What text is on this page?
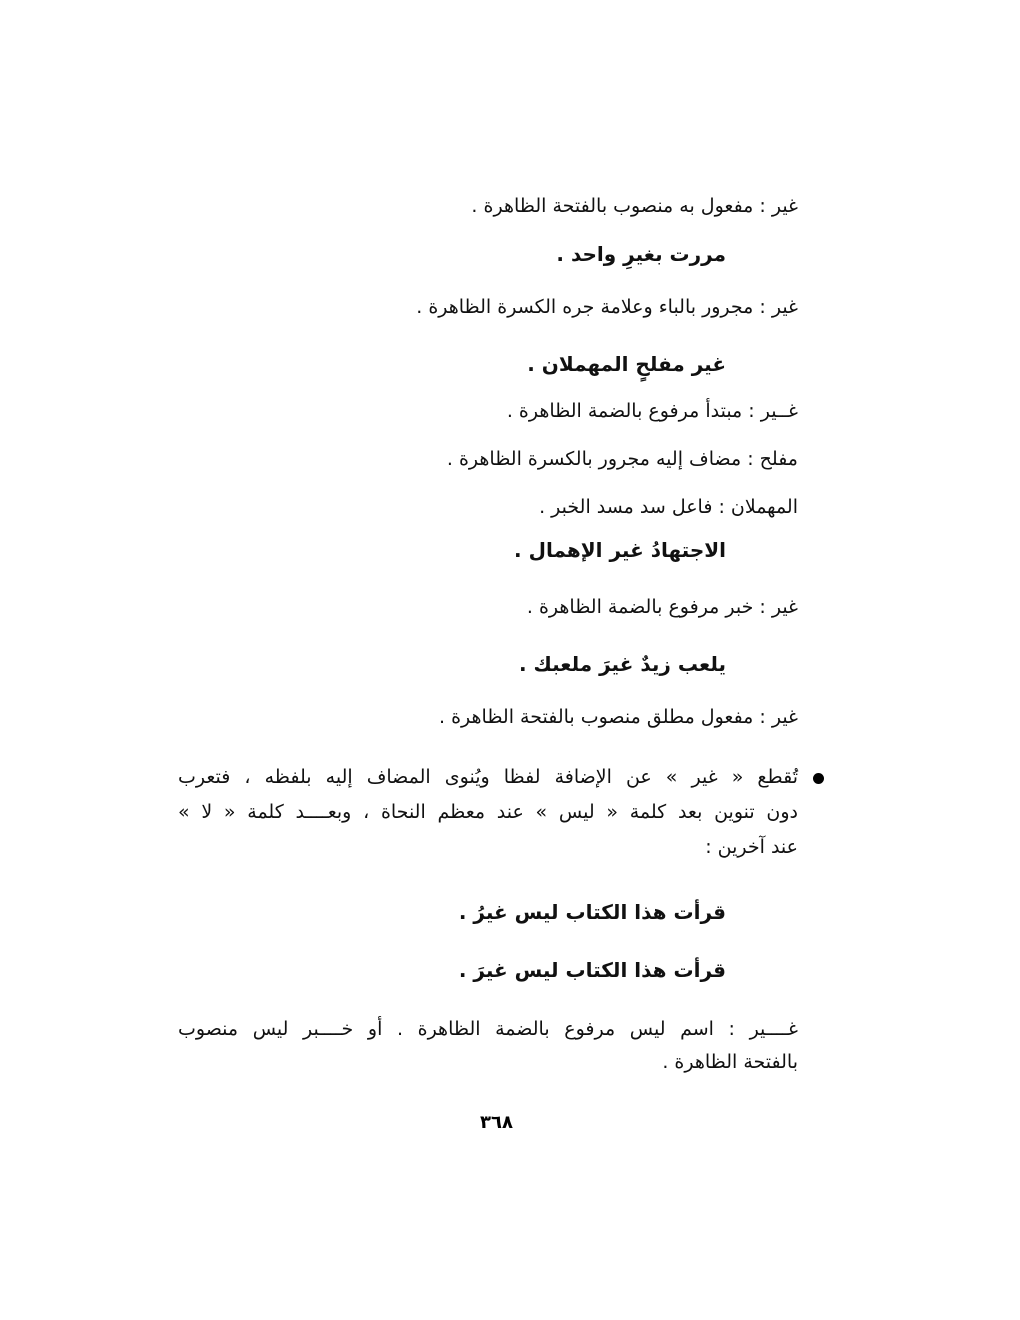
غير : مفعول به منصوب بالفتحة الظاهرة .
مررت بغيرِ واحد .
غير : مجرور بالباء وعلامة جره الكسرة الظاهرة .
غير مفلحٍ المهملان .
غــير : مبتدأ مرفوع بالضمة الظاهرة .
مفلح : مضاف إليه مجرور بالكسرة الظاهرة .
المهملان : فاعل سد مسد الخبر .
الاجتهادُ غير الإهمال .
غير : خبر مرفوع بالضمة الظاهرة .
يلعب زيدٌ غيرَ ملعبك .
غير : مفعول مطلق منصوب بالفتحة الظاهرة .
تُقطع « غير » عن الإضافة لفظا ويُنوى المضاف إليه بلفظه ، فتعرب
دون تنوين بعد كلمة « ليس » عند معظم النحاة ، وبعــــد كلمة « لا »
عند آخرين :
قرأت هذا الكتاب ليس غيرُ .
قرأت هذا الكتاب ليس غيرَ .
غــــير : اسم ليس مرفوع بالضمة الظاهرة . أو خــــبر ليس منصوب
بالفتحة الظاهرة .
٣٦٨
